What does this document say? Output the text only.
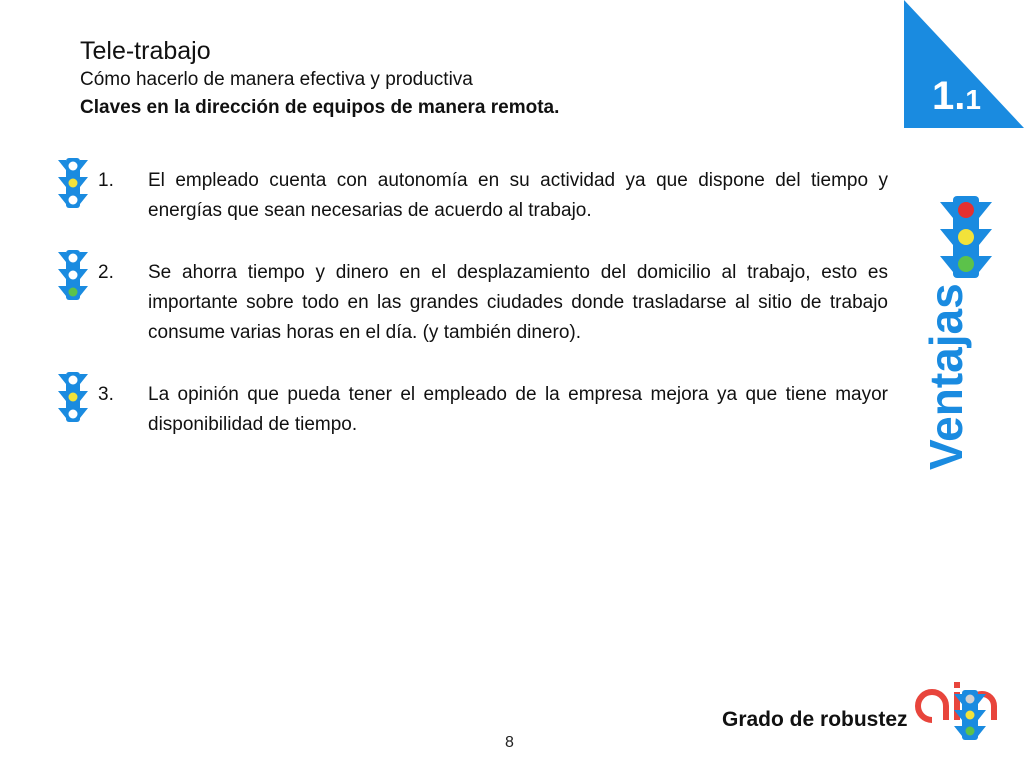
Tele-trabajo
Cómo hacerlo de manera efectiva y productiva
Claves en la dirección de equipos de manera remota.	1.1
1. El empleado cuenta con autonomía en su actividad ya que dispone del tiempo y energías que sean necesarias de acuerdo al trabajo.
2. Se ahorra tiempo y dinero en el desplazamiento del domicilio al trabajo, esto es importante sobre todo en las grandes ciudades donde trasladarse al sitio de trabajo consume varias horas en el día. (y también dinero).
3. La opinión que pueda tener el empleado de la empresa mejora ya que tiene mayor disponibilidad de tiempo.	Ventajas
Grado de robustez
8
